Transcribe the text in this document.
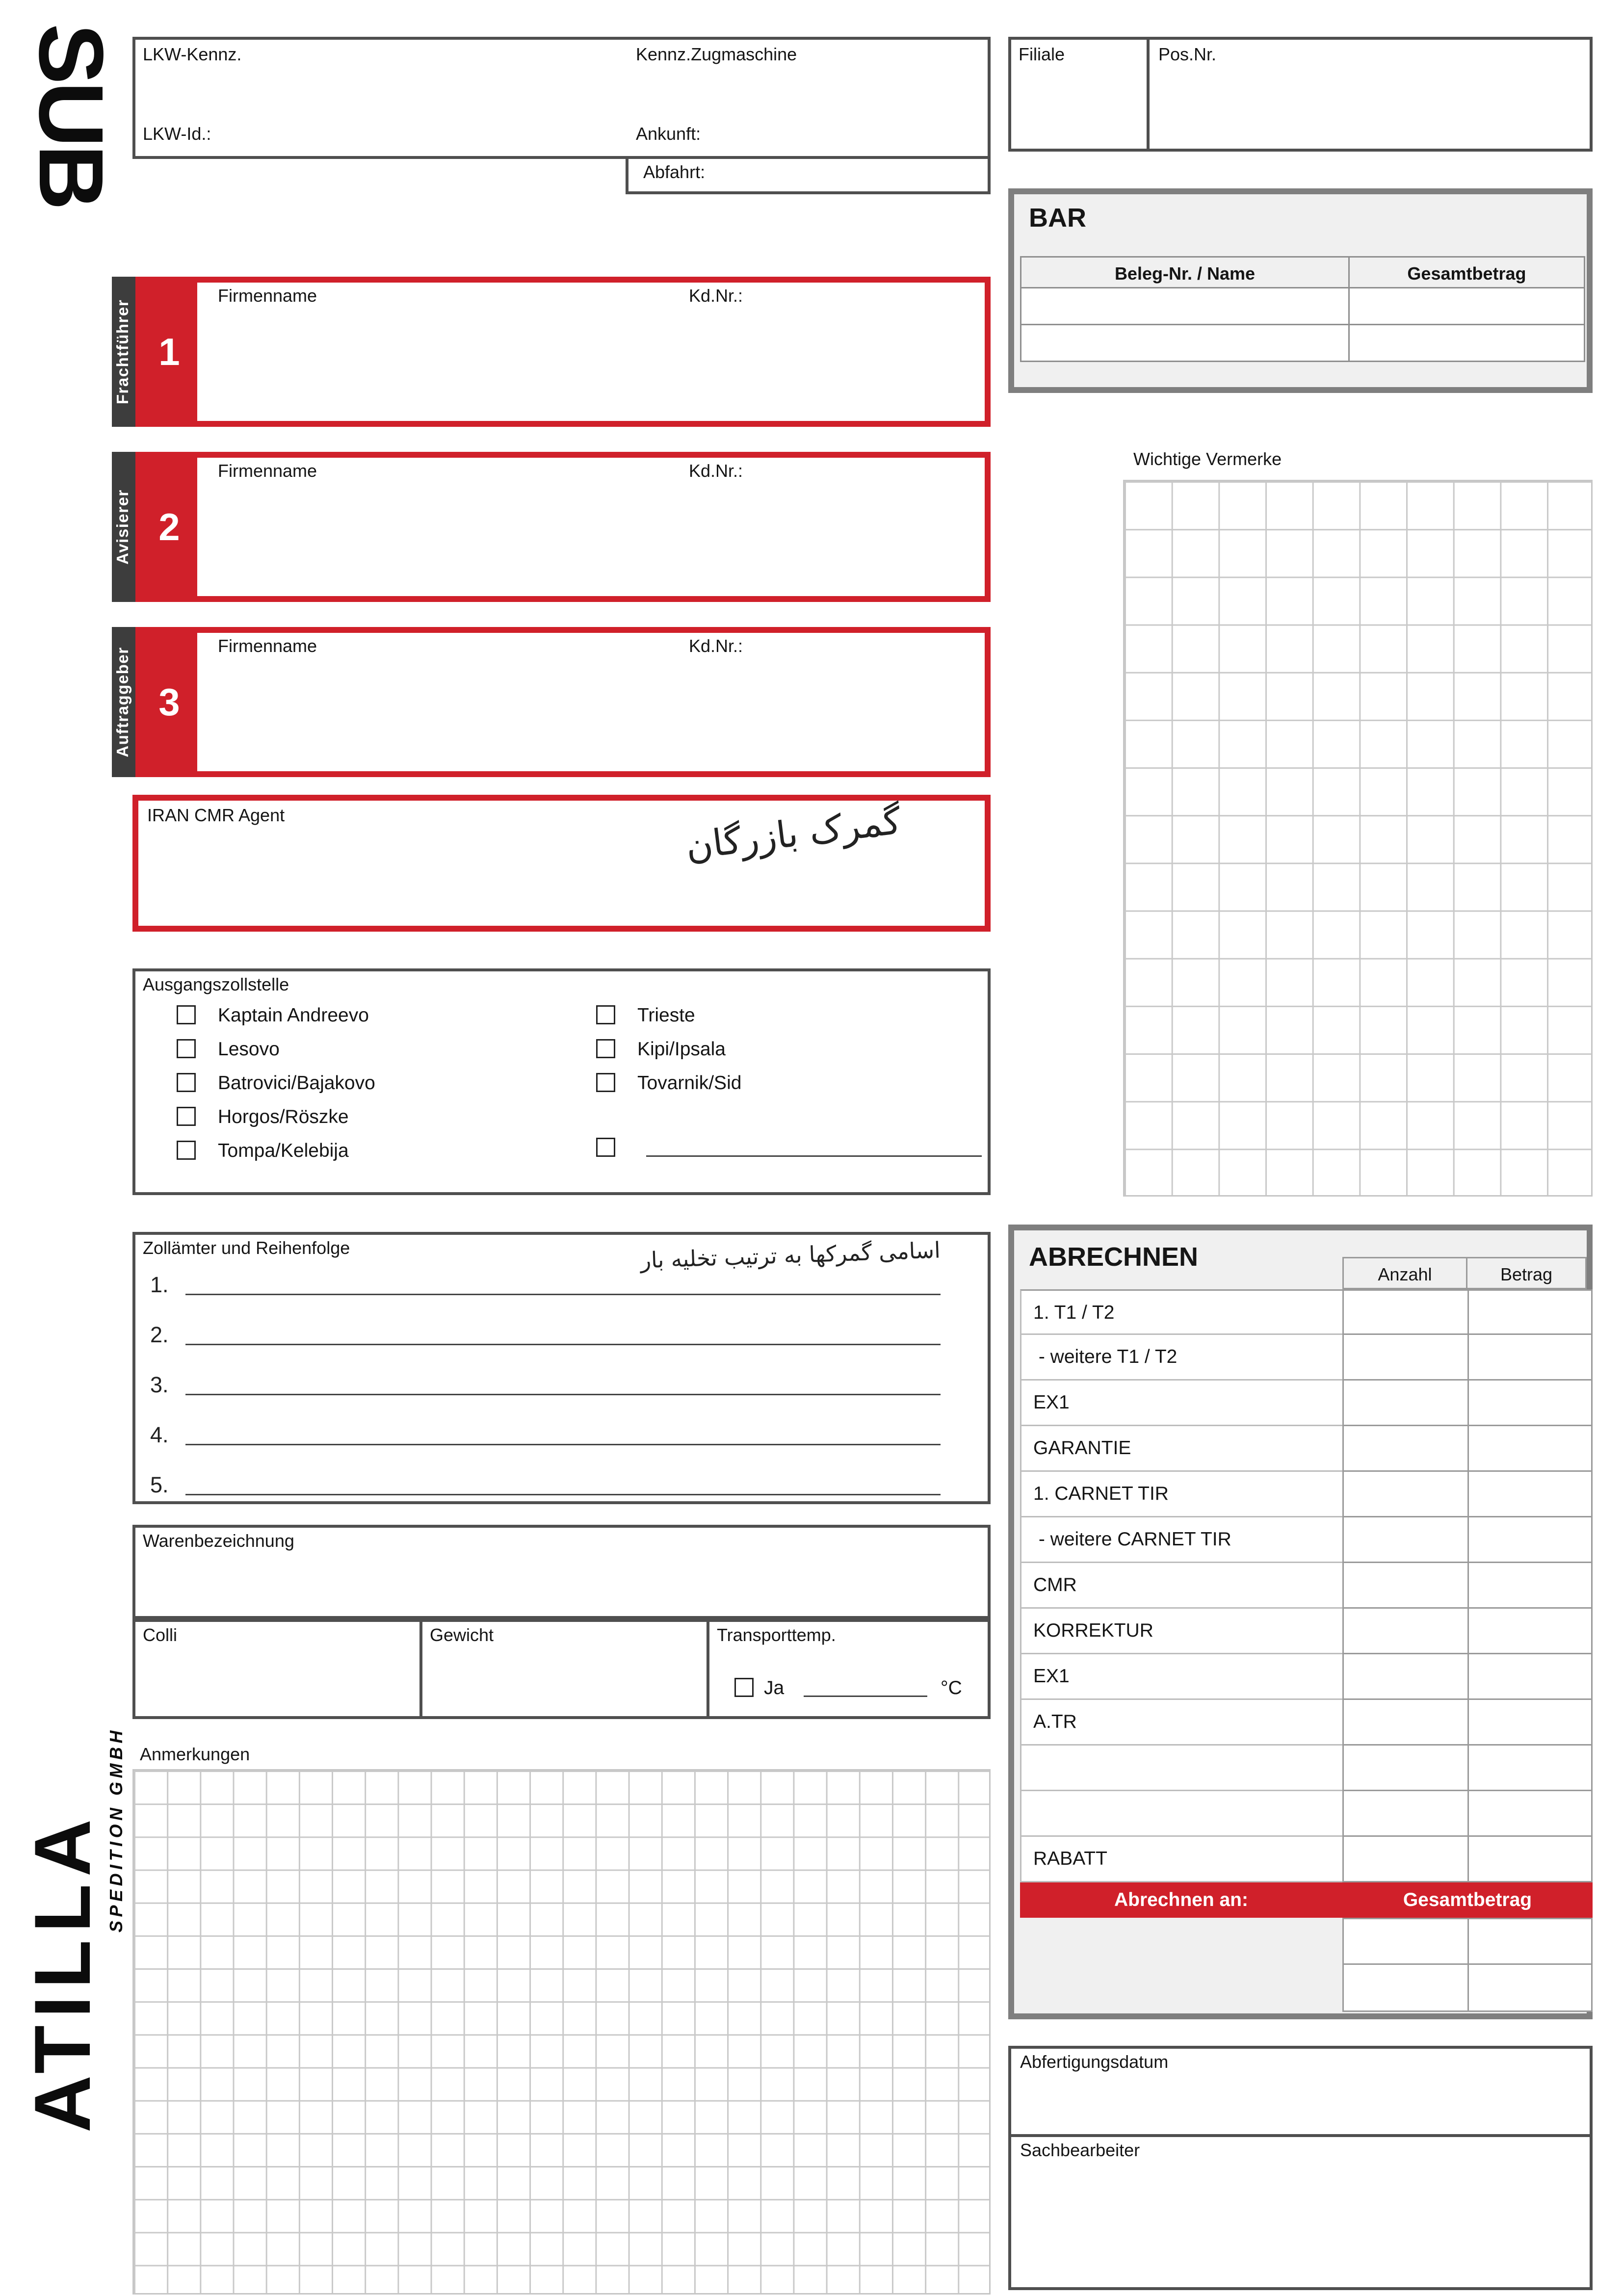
SUB
ATILLA
SPEDITION GMBH
LKW-Kennz.	Kennz.Zugmaschine
LKW-Id.:	Ankunft:
Abfahrt:
Filiale	Pos.Nr.
BAR
Beleg-Nr. / Name	Gesamtbetrag
Frachtführer	1
Firmenname	Kd.Nr.:
Avisierer	2
Firmenname	Kd.Nr.:
Auftraggeber	3
Firmenname	Kd.Nr.:
IRAN CMR Agent	گمرک بازرگان
Wichtige Vermerke
Ausgangszollstelle
Kaptain Andreevo
Lesovo
Batrovici/Bajakovo
Horgos/Röszke
Tompa/Kelebija
Trieste
Kipi/Ipsala
Tovarnik/Sid
Zollämter und Reihenfolge	اسامی گمرکها به ترتیب تخلیه بار
1.
2.
3.
4.
5.
Warenbezeichnung
Colli	Gewicht	Transporttemp.
Ja	°C
Anmerkungen
ABRECHNEN
Anzahl	Betrag
1. T1 / T2
- weitere T1 / T2
EX1
GARANTIE
1. CARNET TIR
- weitere CARNET TIR
CMR
KORREKTUR
EX1
A.TR
RABATT
Abrechnen an:	Gesamtbetrag
Abfertigungsdatum
Sachbearbeiter
